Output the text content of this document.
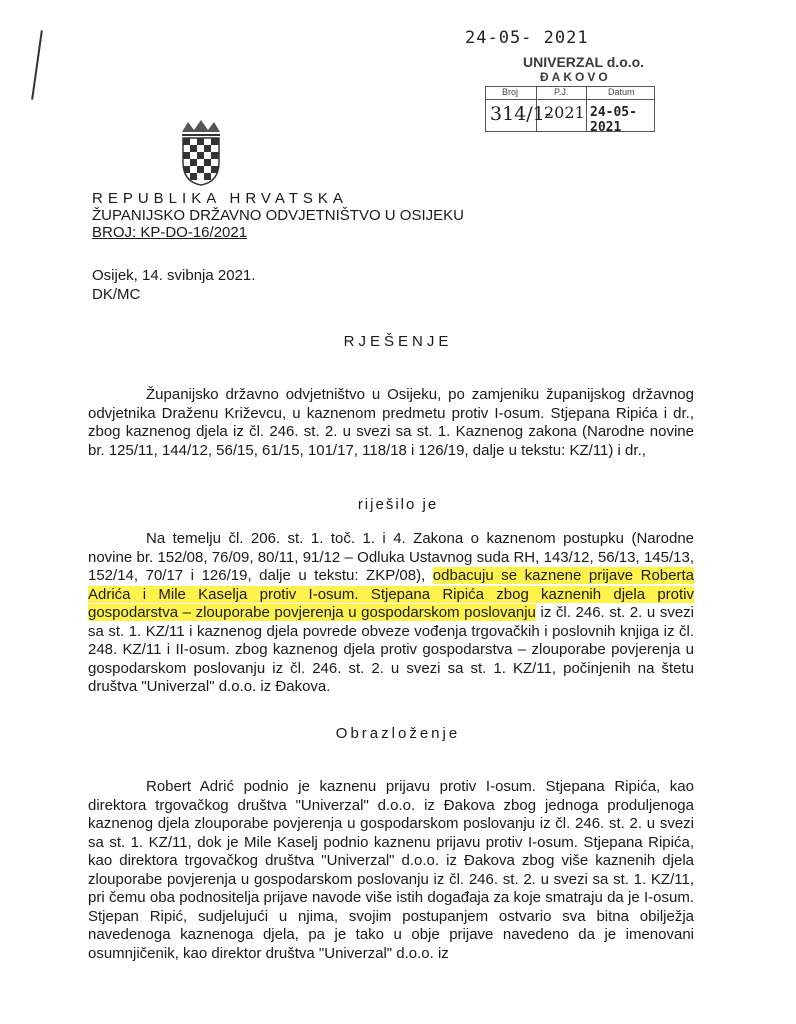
24-05- 2021
UNIVERZAL d.o.o.
ĐAKOVO
Broj	P.J.	Datum
314/1-
2021 24-05- 2021
REPUBLIKA HRVATSKA
ŽUPANIJSKO DRŽAVNO ODVJETNIŠTVO U OSIJEKU
BROJ: KP-DO-16/2021
Osijek, 14. svibnja 2021.
DK/MC
RJEŠENJE

Županijsko državno odvjetništvo u Osijeku, po zamjeniku županijskog državnog odvjetnika Draženu Križevcu, u kaznenom predmetu protiv I-osum. Stjepana Ripića i dr., zbog kaznenog djela iz čl. 246. st. 2. u svezi sa st. 1. Kaznenog zakona (Narodne novine br. 125/11, 144/12, 56/15, 61/15, 101/17, 118/18 i 126/19, dalje u tekstu: KZ/11) i dr.,

riješilo je

Na temelju čl. 206. st. 1. toč. 1. i 4. Zakona o kaznenom postupku (Narodne novine br. 152/08, 76/09, 80/11, 91/12 – Odluka Ustavnog suda RH, 143/12, 56/13, 145/13, 152/14, 70/17 i 126/19, dalje u tekstu: ZKP/08), odbacuju se kaznene prijave Roberta Adrića i Mile Kaselja protiv I-osum. Stjepana Ripića zbog kaznenih djela protiv gospodarstva – zlouporabe povjerenja u gospodarskom poslovanju iz čl. 246. st. 2. u svezi sa st. 1. KZ/11 i kaznenog djela povrede obveze vođenja trgovačkih i poslovnih knjiga iz čl. 248. KZ/11 i II-osum. zbog kaznenog djela protiv gospodarstva – zlouporabe povjerenja u gospodarskom poslovanju iz čl. 246. st. 2. u svezi sa st. 1. KZ/11, počinjenih na štetu društva "Univerzal" d.o.o. iz Đakova.

Obrazloženje

Robert Adrić podnio je kaznenu prijavu protiv I-osum. Stjepana Ripića, kao direktora trgovačkog društva "Univerzal" d.o.o. iz Đakova zbog jednoga produljenoga kaznenog djela zlouporabe povjerenja u gospodarskom poslovanju iz čl. 246. st. 2. u svezi sa st. 1. KZ/11, dok je Mile Kaselj podnio kaznenu prijavu protiv I-osum. Stjepana Ripića, kao direktora trgovačkog društva "Univerzal" d.o.o. iz Đakova zbog više kaznenih djela zlouporabe povjerenja u gospodarskom poslovanju iz čl. 246. st. 2. u svezi sa st. 1. KZ/11, pri čemu oba podnositelja prijave navode više istih događaja za koje smatraju da je I-osum. Stjepan Ripić, sudjelujući u njima, svojim postupanjem ostvario sva bitna obilježja navedenoga kaznenoga djela, pa je tako u obje prijave navedeno da je imenovani osumnjičenik, kao direktor društva "Univerzal" d.o.o. iz
